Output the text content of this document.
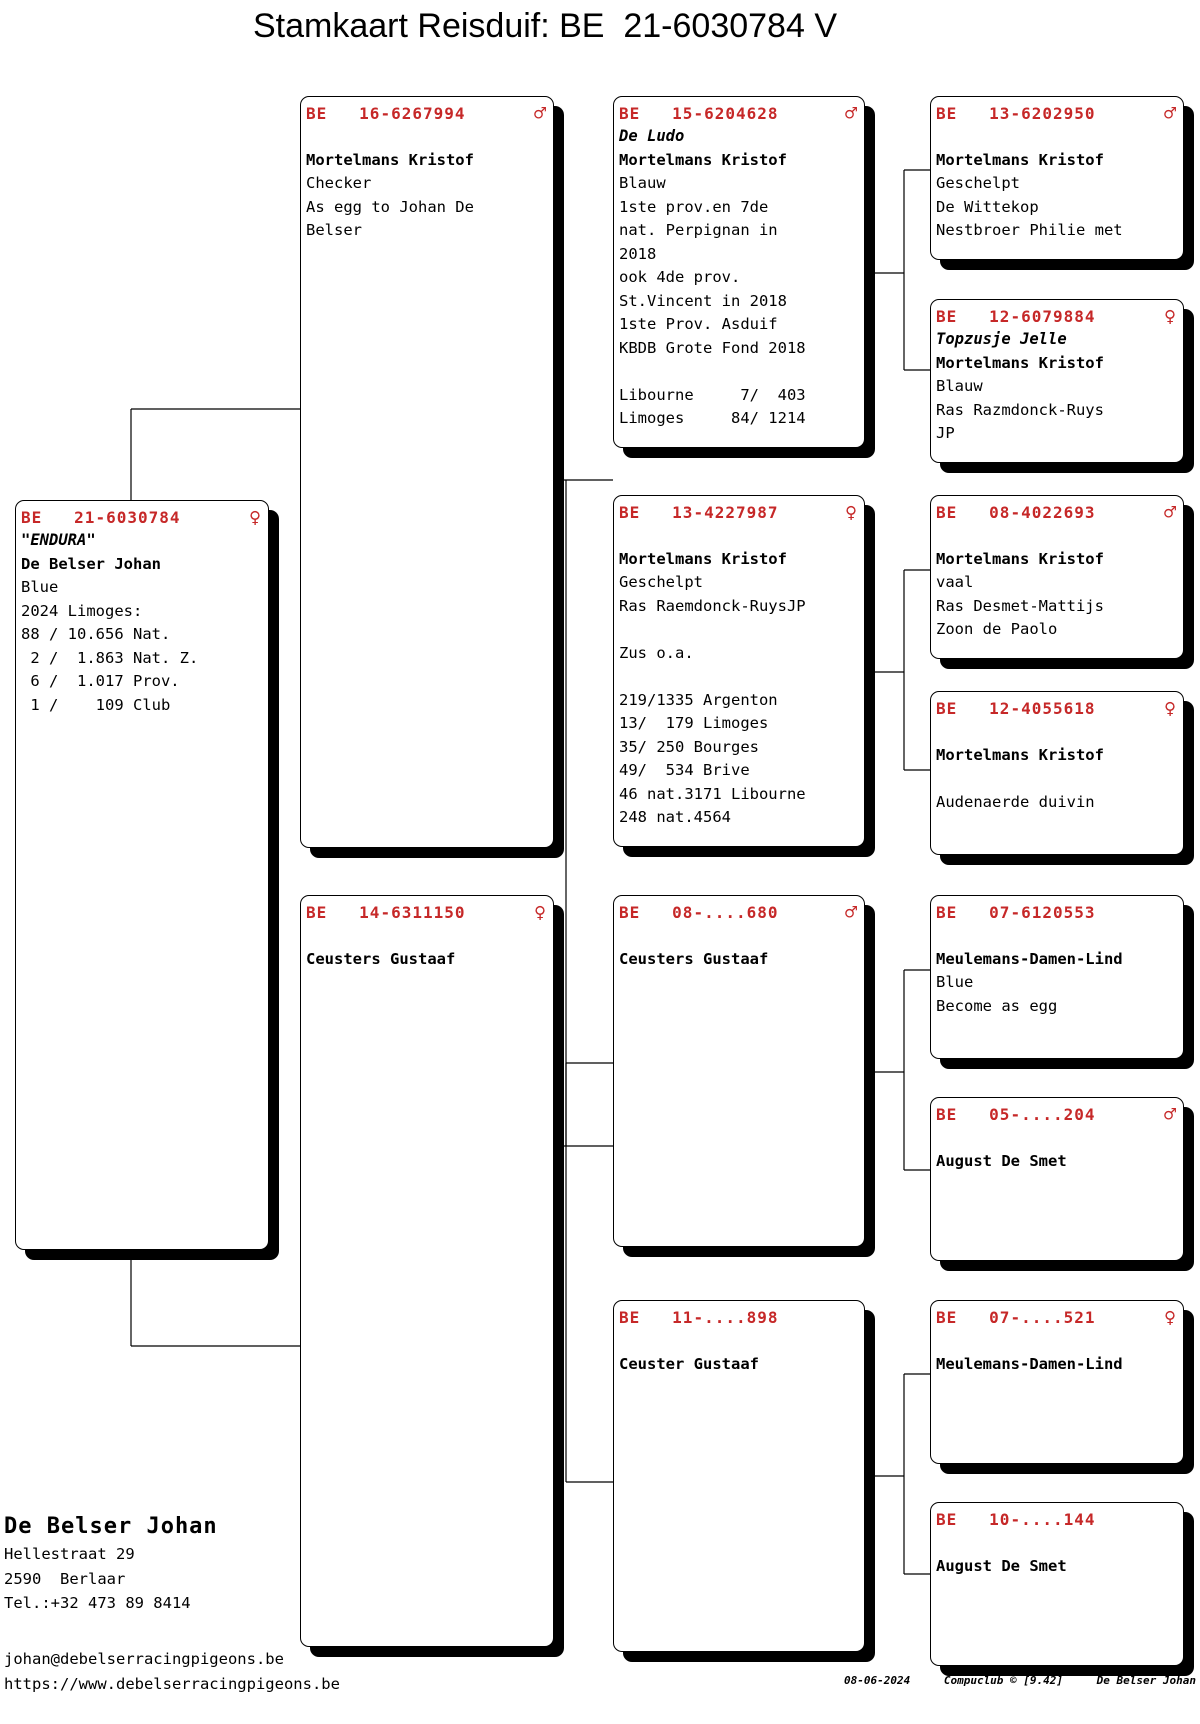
Stamkaart Reisduif: BE  21-6030784 V
BE
21-6030784	♀
"ENDURA"
De Belser Johan
Blue
2024 Limoges:
88 / 10.656 Nat.
2 /  1.863 Nat. Z.
6 /  1.017 Prov.
1 /    109 Club
BE
16-6267994	♂
Mortelmans Kristof
Checker
As egg to Johan De
Belser
BE
14-6311150	♀
Ceusters Gustaaf
BE
15-6204628	♂
De Ludo
Mortelmans Kristof
Blauw
1ste prov.en 7de
nat. Perpignan in
2018
ook 4de prov.
St.Vincent in 2018
1ste Prov. Asduif
KBDB Grote Fond 2018
Libourne     7/  403
Limoges     84/ 1214
BE
13-4227987	♀
Mortelmans Kristof
Geschelpt
Ras Raemdonck-RuysJP
Zus o.a.
219/1335 Argenton
13/  179 Limoges
35/ 250 Bourges
49/  534 Brive
46 nat.3171 Libourne
248 nat.4564
BE
08-....680	♂
Ceusters Gustaaf
BE
11-....898
Ceuster Gustaaf
BE
13-6202950	♂
Mortelmans Kristof
Geschelpt
De Wittekop
Nestbroer Philie met
BE
12-6079884	♀
Topzusje Jelle
Mortelmans Kristof
Blauw
Ras Razmdonck-Ruys
JP
BE
08-4022693	♂
Mortelmans Kristof
vaal
Ras Desmet-Mattijs
Zoon de Paolo
BE
12-4055618	♀
Mortelmans Kristof
Audenaerde duivin
BE
07-6120553
Meulemans-Damen-Lind
Blue
Become as egg
BE
05-....204	♂
August De Smet
BE
07-....521	♀
Meulemans-Damen-Lind
BE
10-....144
August De Smet
De Belser Johan
Hellestraat 29
2590  Berlaar
Tel.:+32 473 89 8414
johan@debelserracingpigeons.be
https://www.debelserracingpigeons.be	08-06-2024	Compuclub © [9.42]	De Belser Johan
